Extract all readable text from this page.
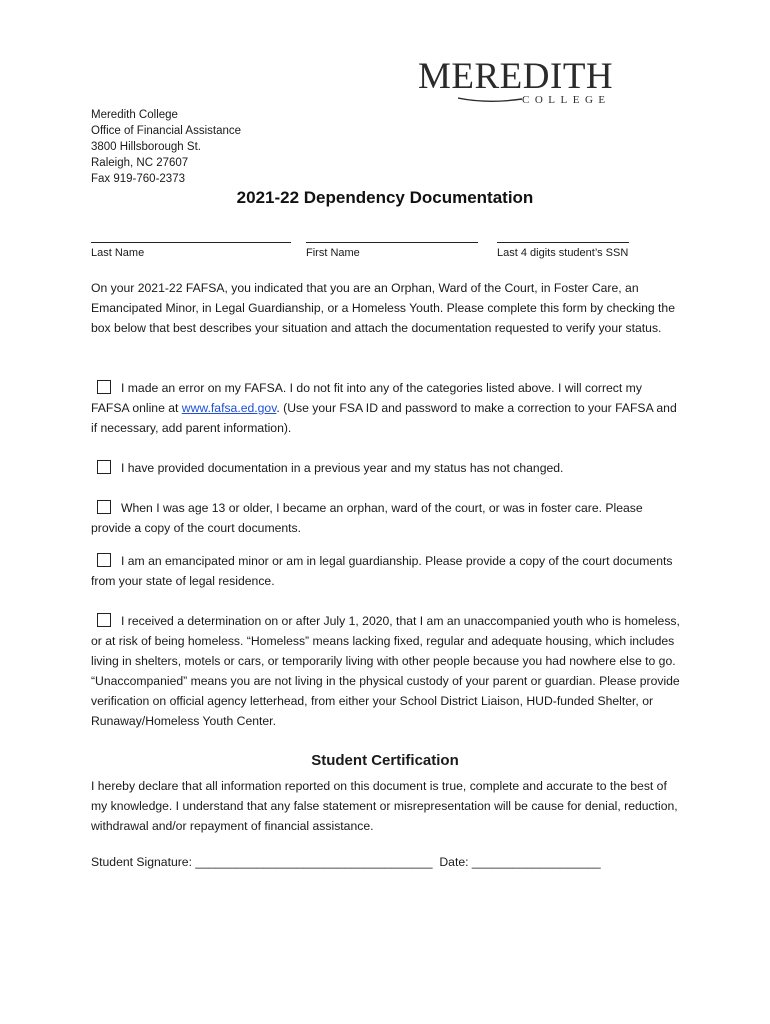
MEREDITH
COLLEGE
Meredith College
Office of Financial Assistance
3800 Hillsborough St.
Raleigh, NC 27607
Fax 919-760-2373
2021-22 Dependency Documentation
Last Name	First Name	Last 4 digits student’s SSN
On your 2021-22 FAFSA, you indicated that you are an Orphan, Ward of the Court, in Foster Care, an Emancipated Minor, in Legal Guardianship, or a Homeless Youth. Please complete this form by checking the box below that best describes your situation and attach the documentation requested to verify your status.
I made an error on my FAFSA. I do not fit into any of the categories listed above. I will correct my FAFSA online at www.fafsa.ed.gov. (Use your FSA ID and password to make a correction to your FAFSA and if necessary, add parent information).
I have provided documentation in a previous year and my status has not changed.
When I was age 13 or older, I became an orphan, ward of the court, or was in foster care. Please provide a copy of the court documents.
I am an emancipated minor or am in legal guardianship. Please provide a copy of the court documents from your state of legal residence.
I received a determination on or after July 1, 2020, that I am an unaccompanied youth who is homeless, or at risk of being homeless. “Homeless” means lacking fixed, regular and adequate housing, which includes living in shelters, motels or cars, or temporarily living with other people because you had nowhere else to go. “Unaccompanied” means you are not living in the physical custody of your parent or guardian. Please provide verification on official agency letterhead, from either your School District Liaison, HUD-funded Shelter, or Runaway/Homeless Youth Center.
Student Certification
I hereby declare that all information reported on this document is true, complete and accurate to the best of my knowledge. I understand that any false statement or misrepresentation will be cause for denial, reduction, withdrawal and/or repayment of financial assistance.
Student Signature: ___________________________________ Date: ___________________
